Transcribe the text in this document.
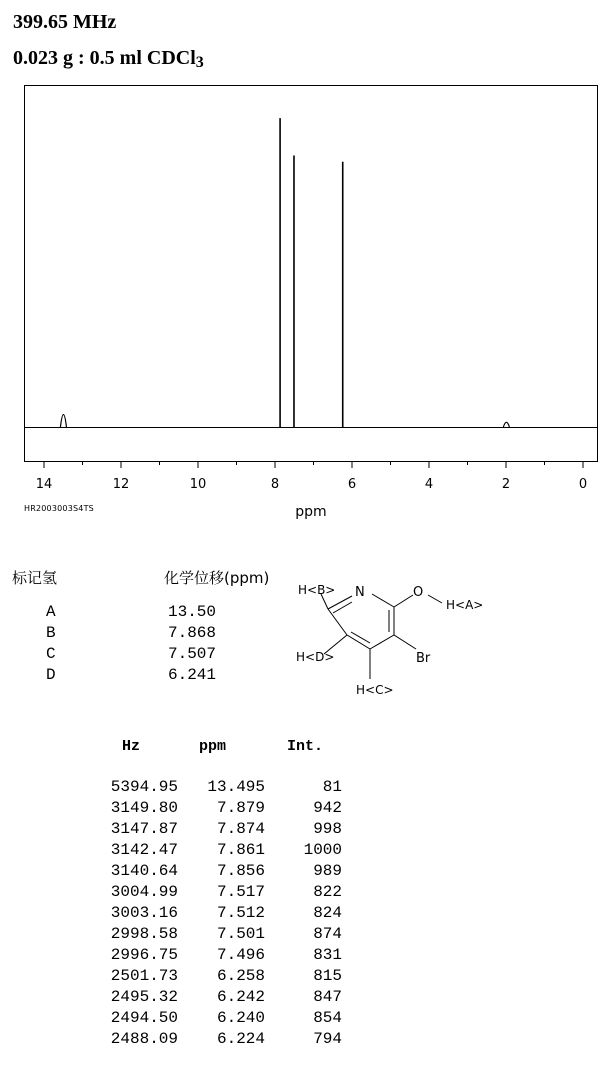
399.65 MHz
0.023 g : 0.5 ml CDCl$_3$
14	12	10	8	6	4	2	0
ppm
HR2003003S4TS
标记氢	化学位移(ppm)
A	13.50
B	7.868
C	7.507
D	6.241
H<B> N	O
H<A>
H<D>	Br
H<C>
Hz	ppm	Int.
5394.95	13.495	81
3149.80	7.879	942
3147.87	7.874	998
3142.47	7.861	1000
3140.64	7.856	989
3004.99	7.517	822
3003.16	7.512	824
2998.58	7.501	874
2996.75	7.496	831
2501.73	6.258	815
2495.32	6.242	847
2494.50	6.240	854
2488.09	6.224	794
